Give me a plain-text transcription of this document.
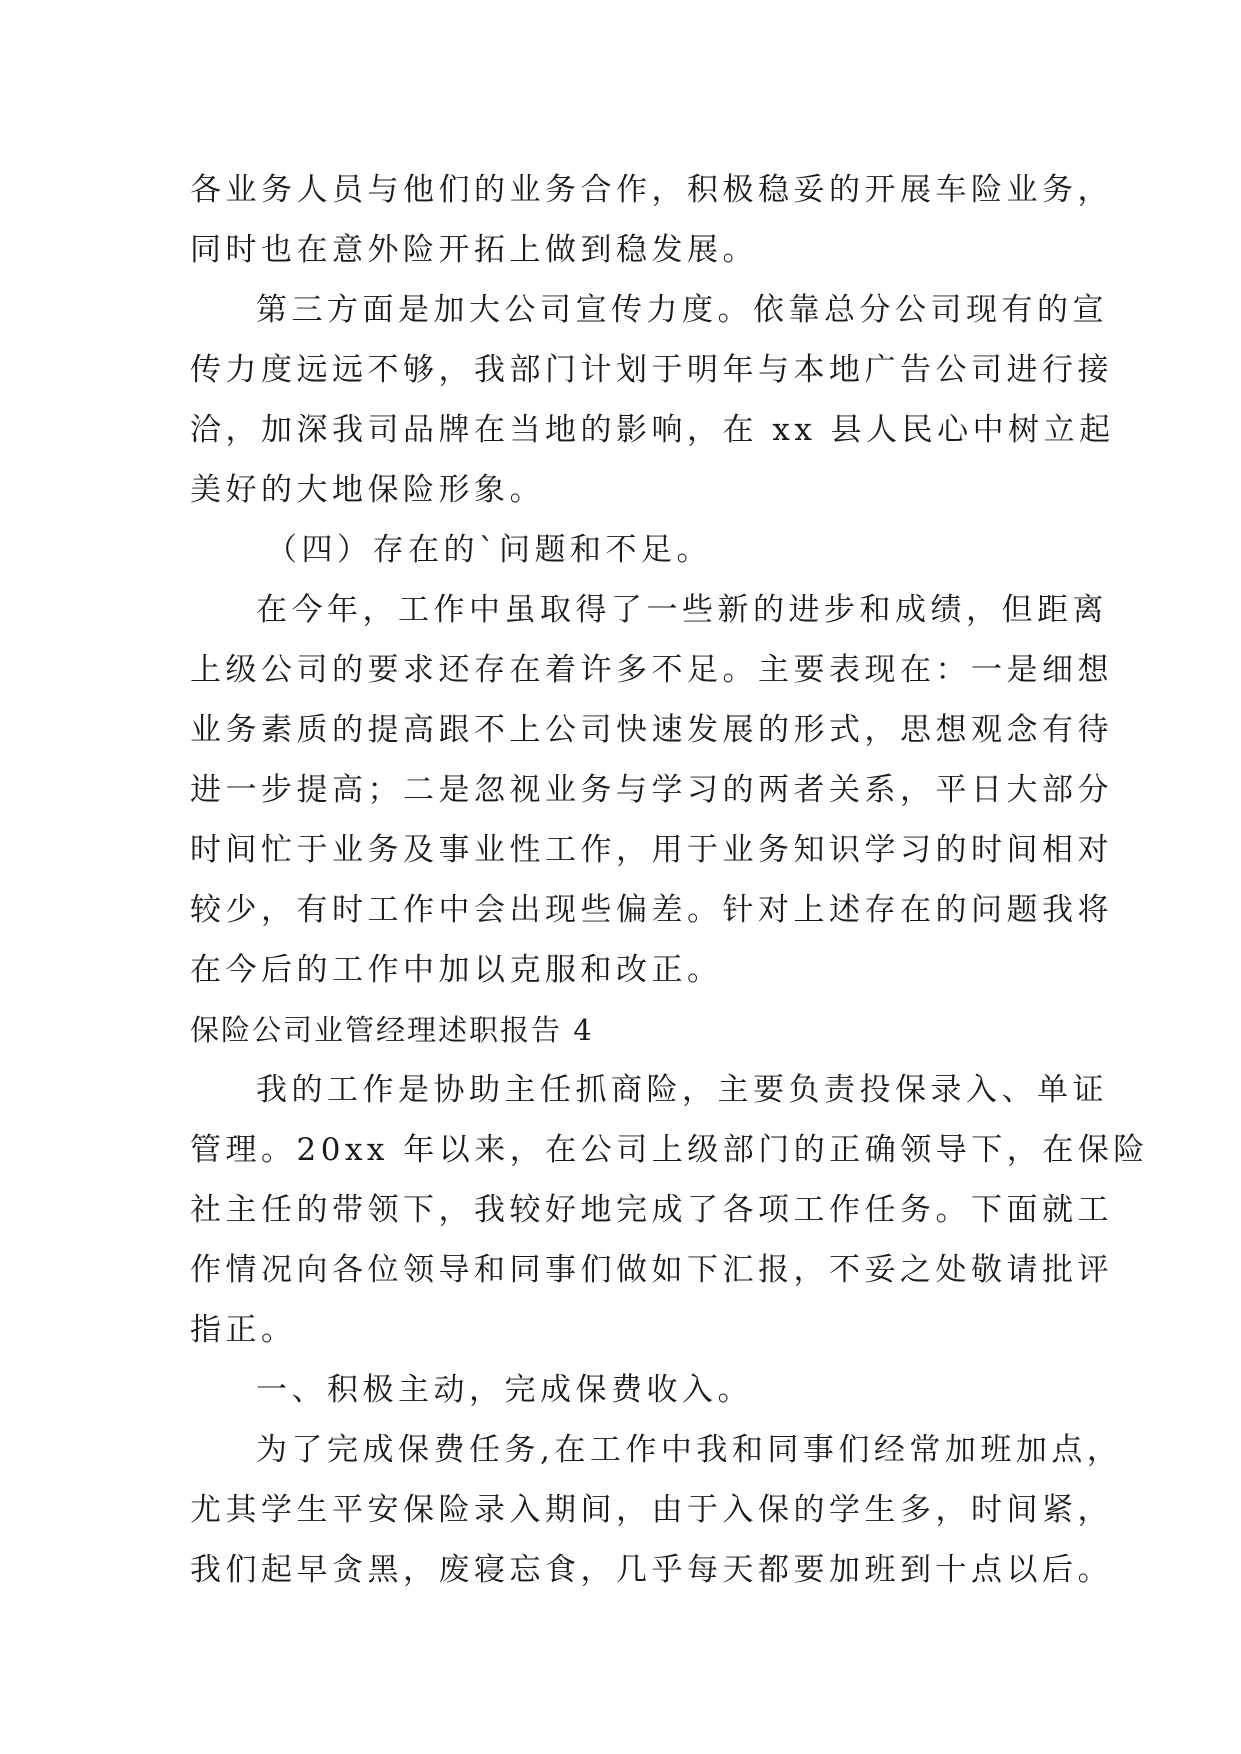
各业务人员与他们的业务合作，积极稳妥的开展车险业务，
同时也在意外险开拓上做到稳发展。
第三方面是加大公司宣传力度。依靠总分公司现有的宣
传力度远远不够，我部门计划于明年与本地广告公司进行接
洽，加深我司品牌在当地的影响，在 xx 县人民心中树立起
美好的大地保险形象。
（四）存在的`问题和不足。
在今年，工作中虽取得了一些新的进步和成绩，但距离
上级公司的要求还存在着许多不足。主要表现在：一是细想
业务素质的提高跟不上公司快速发展的形式，思想观念有待
进一步提高；二是忽视业务与学习的两者关系，平日大部分
时间忙于业务及事业性工作，用于业务知识学习的时间相对
较少，有时工作中会出现些偏差。针对上述存在的问题我将
在今后的工作中加以克服和改正。
保险公司业管经理述职报告 4
我的工作是协助主任抓商险，主要负责投保录入、单证
管理。20xx 年以来，在公司上级部门的正确领导下，在保险
社主任的带领下，我较好地完成了各项工作任务。下面就工
作情况向各位领导和同事们做如下汇报，不妥之处敬请批评
指正。
一、积极主动，完成保费收入。
为了完成保费任务,在工作中我和同事们经常加班加点，
尤其学生平安保险录入期间，由于入保的学生多，时间紧，
我们起早贪黑，废寝忘食，几乎每天都要加班到十点以后。
